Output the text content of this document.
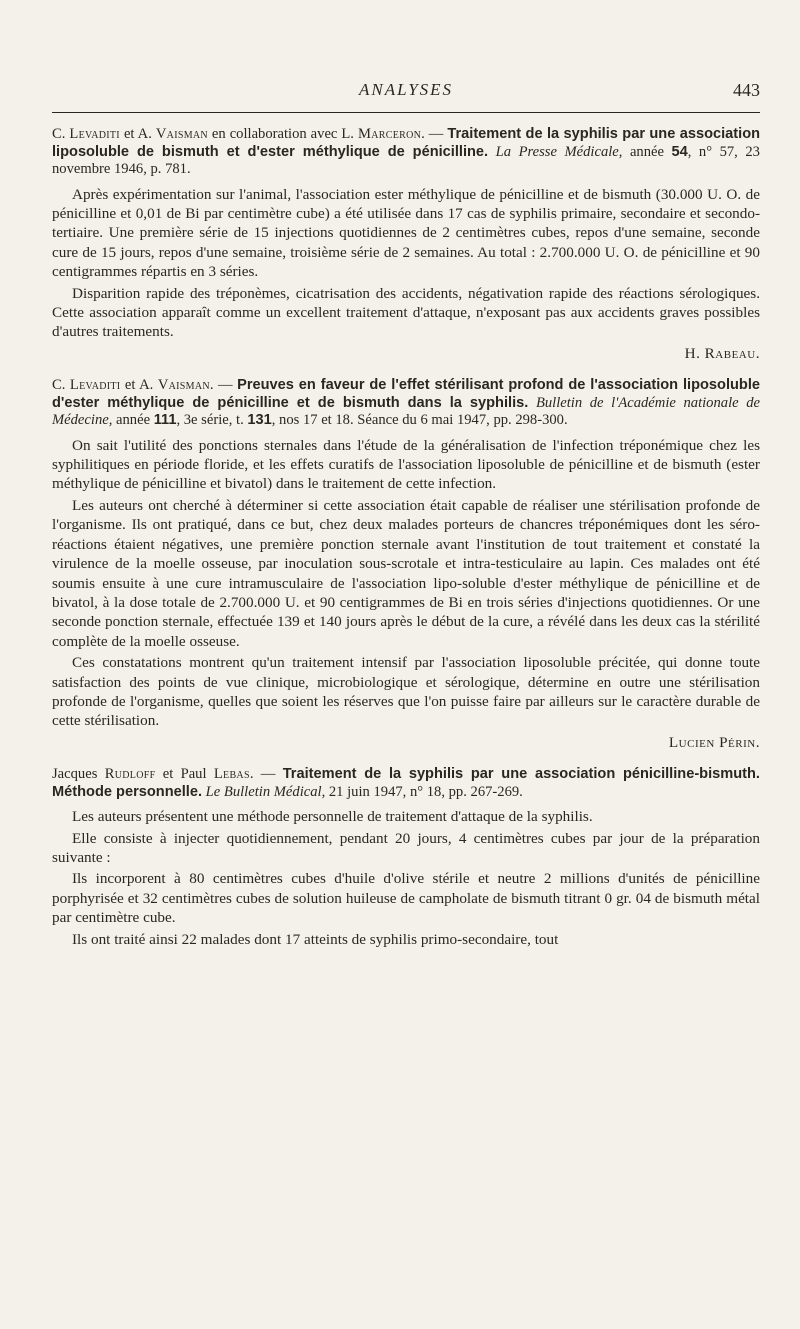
ANALYSES	443

C. Levaditi et A. Vaisman en collaboration avec L. Marceron. — Traitement de la syphilis par une association liposoluble de bismuth et d'ester méthylique de pénicilline. La Presse Médicale, année 54, n° 57, 23 novembre 1946, p. 781.

Après expérimentation sur l'animal, l'association ester méthylique de pénicilline et de bismuth (30.000 U. O. de pénicilline et 0,01 de Bi par centimètre cube) a été utilisée dans 17 cas de syphilis primaire, secondaire et secondo-tertiaire. Une première série de 15 injections quotidiennes de 2 centimètres cubes, repos d'une semaine, seconde cure de 15 jours, repos d'une semaine, troisième série de 2 semaines. Au total : 2.700.000 U. O. de pénicilline et 90 centigrammes répartis en 3 séries.

Disparition rapide des tréponèmes, cicatrisation des accidents, négativation rapide des réactions sérologiques. Cette association apparaît comme un excellent traitement d'attaque, n'exposant pas aux accidents graves possibles d'autres traitements.

H. Rabeau.

C. Levaditi et A. Vaisman. — Preuves en faveur de l'effet stérilisant profond de l'association liposoluble d'ester méthylique de pénicilline et de bismuth dans la syphilis. Bulletin de l'Académie nationale de Médecine, année 111, 3e série, t. 131, nos 17 et 18. Séance du 6 mai 1947, pp. 298-300.

On sait l'utilité des ponctions sternales dans l'étude de la généralisation de l'infection tréponémique chez les syphilitiques en période floride, et les effets curatifs de l'association liposoluble de pénicilline et de bismuth (ester méthylique de pénicilline et bivatol) dans le traitement de cette infection.

Les auteurs ont cherché à déterminer si cette association était capable de réaliser une stérilisation profonde de l'organisme. Ils ont pratiqué, dans ce but, chez deux malades porteurs de chancres tréponémiques dont les séro-réactions étaient négatives, une première ponction sternale avant l'institution de tout traitement et constaté la virulence de la moelle osseuse, par inoculation sous-scrotale et intra-testiculaire au lapin. Ces malades ont été soumis ensuite à une cure intramusculaire de l'association lipo-soluble d'ester méthylique de pénicilline et de bivatol, à la dose totale de 2.700.000 U. et 90 centigrammes de Bi en trois séries d'injections quotidiennes. Or une seconde ponction sternale, effectuée 139 et 140 jours après le début de la cure, a révélé dans les deux cas la stérilité complète de la moelle osseuse.

Ces constatations montrent qu'un traitement intensif par l'association liposoluble précitée, qui donne toute satisfaction des points de vue clinique, microbiologique et sérologique, détermine en outre une stérilisation profonde de l'organisme, quelles que soient les réserves que l'on puisse faire par ailleurs sur le caractère durable de cette stérilisation.

Lucien Périn.

Jacques Rudloff et Paul Lebas. — Traitement de la syphilis par une association pénicilline-bismuth. Méthode personnelle. Le Bulletin Médical, 21 juin 1947, n° 18, pp. 267-269.

Les auteurs présentent une méthode personnelle de traitement d'attaque de la syphilis.

Elle consiste à injecter quotidiennement, pendant 20 jours, 4 centimètres cubes par jour de la préparation suivante :

Ils incorporent à 80 centimètres cubes d'huile d'olive stérile et neutre 2 millions d'unités de pénicilline porphyrisée et 32 centimètres cubes de solution huileuse de campholate de bismuth titrant 0 gr. 04 de bismuth métal par centimètre cube.

Ils ont traité ainsi 22 malades dont 17 atteints de syphilis primo-secondaire, tout
